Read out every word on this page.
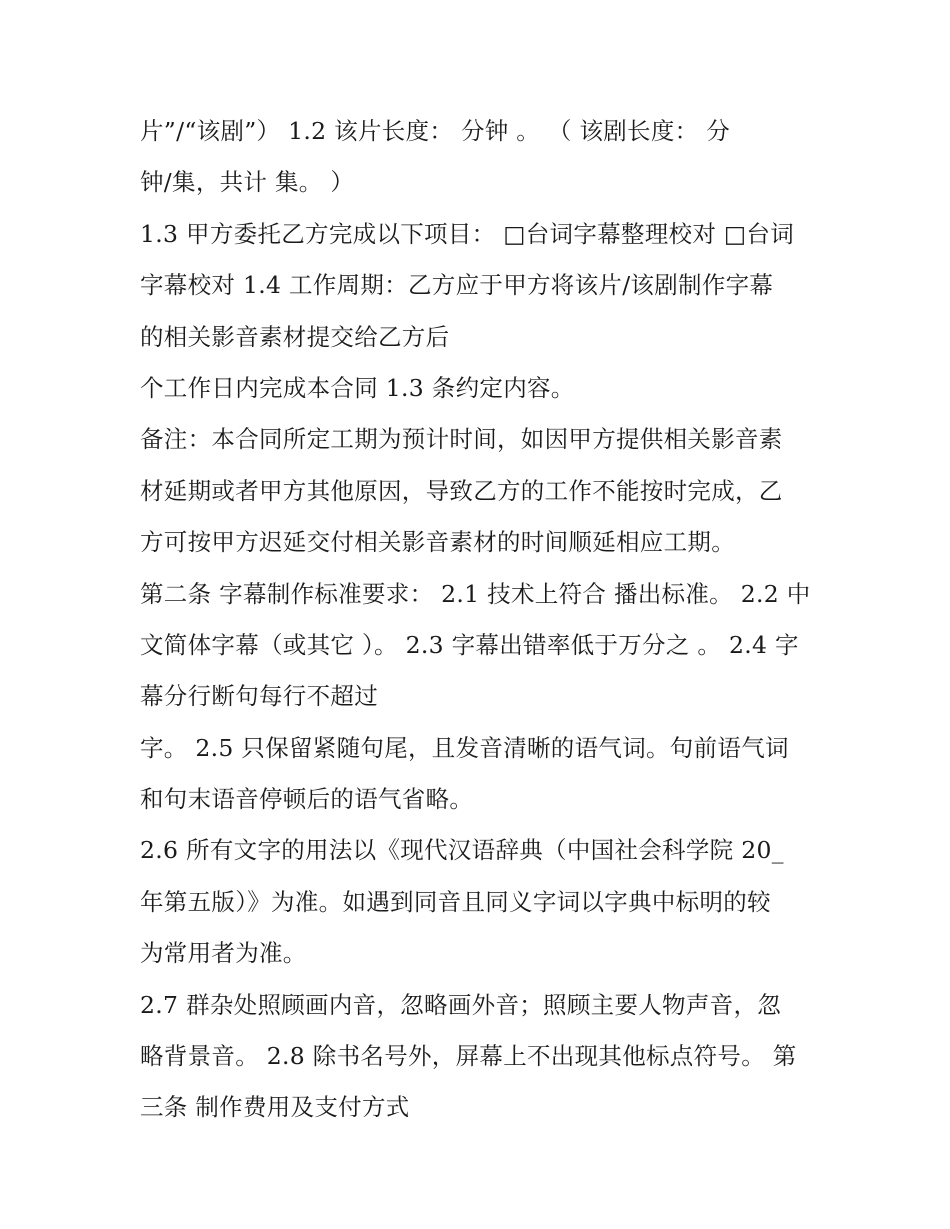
片”/“该剧”） 1.2 该片长度： 分钟 。 （ 该剧长度： 分
钟/集，共计 集。 ）
1.3 甲方委托乙方完成以下项目： □台词字幕整理校对 □台词
字幕校对 1.4 工作周期：乙方应于甲方将该片/该剧制作字幕
的相关影音素材提交给乙方后
个工作日内完成本合同 1.3 条约定内容。
备注：本合同所定工期为预计时间，如因甲方提供相关影音素
材延期或者甲方其他原因，导致乙方的工作不能按时完成，乙
方可按甲方迟延交付相关影音素材的时间顺延相应工期。
第二条 字幕制作标准要求： 2.1 技术上符合 播出标准。 2.2 中
文简体字幕（或其它 ）。 2.3 字幕出错率低于万分之 。 2.4 字
幕分行断句每行不超过
字。 2.5 只保留紧随句尾，且发音清晰的语气词。句前语气词
和句末语音停顿后的语气省略。
2.6 所有文字的用法以《现代汉语辞典（中国社会科学院 20_
年第五版）》为准。如遇到同音且同义字词以字典中标明的较
为常用者为准。
2.7 群杂处照顾画内音，忽略画外音；照顾主要人物声音，忽
略背景音。 2.8 除书名号外，屏幕上不出现其他标点符号。 第
三条 制作费用及支付方式
